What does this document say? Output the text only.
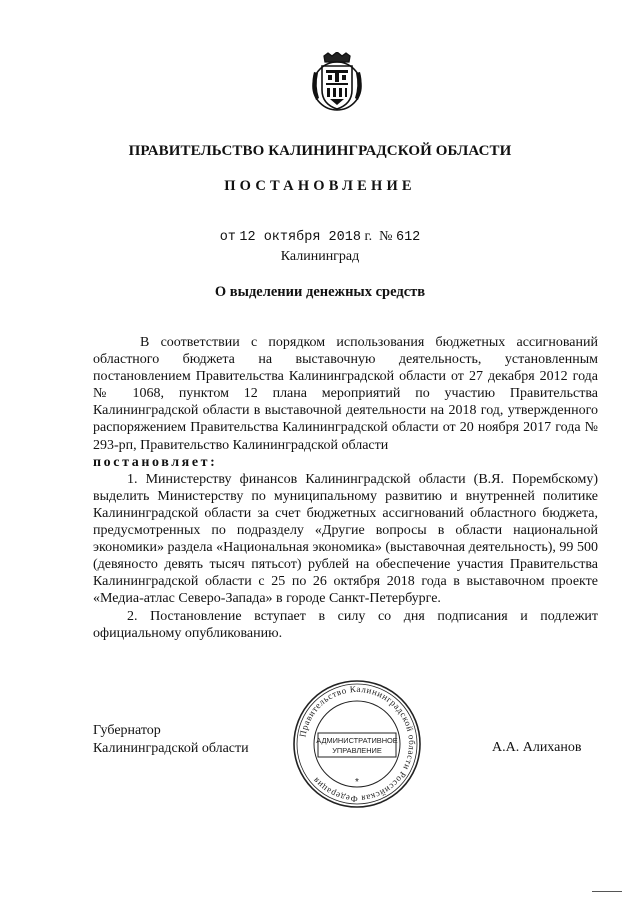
ПРАВИТЕЛЬСТВО КАЛИНИНГРАДСКОЙ ОБЛАСТИ
ПОСТАНОВЛЕНИЕ
от 12 октября 2018 г. № 612
Калининград
О выделении денежных средств

В соответствии с порядком использования бюджетных ассигнований областного бюджета на выставочную деятельность, установленным постановлением Правительства Калининградской области от 27 декабря 2012 года № 1068, пунктом 12 плана мероприятий по участию Правительства Калининградской области в выставочной деятельности на 2018 год, утвержденного распоряжением Правительства Калининградской области от 20 ноября 2017 года № 293-рп, Правительство Калининградской области

постановляет:

1. Министерству финансов Калининградской области (В.Я. Порембскому) выделить Министерству по муниципальному развитию и внутренней политике Калининградской области за счет бюджетных ассигнований областного бюджета, предусмотренных по подразделу «Другие вопросы в области национальной экономики» раздела «Национальная экономика» (выставочная деятельность), 99 500 (девяносто девять тысяч пятьсот) рублей на обеспечение участия Правительства Калининградской области с 25 по 26 октября 2018 года в выставочном проекте «Медиа-атлас Северо-Запада» в городе Санкт-Петербурге.

2. Постановление вступает в силу со дня подписания и подлежит официальному опубликованию.

Губернатор
Калининградской области	А.А. Алиханов
Правительство Калининградской области Российская Федерация
АДМИНИСТРАТИВНОЕ
УПРАВЛЕНИЕ
*
